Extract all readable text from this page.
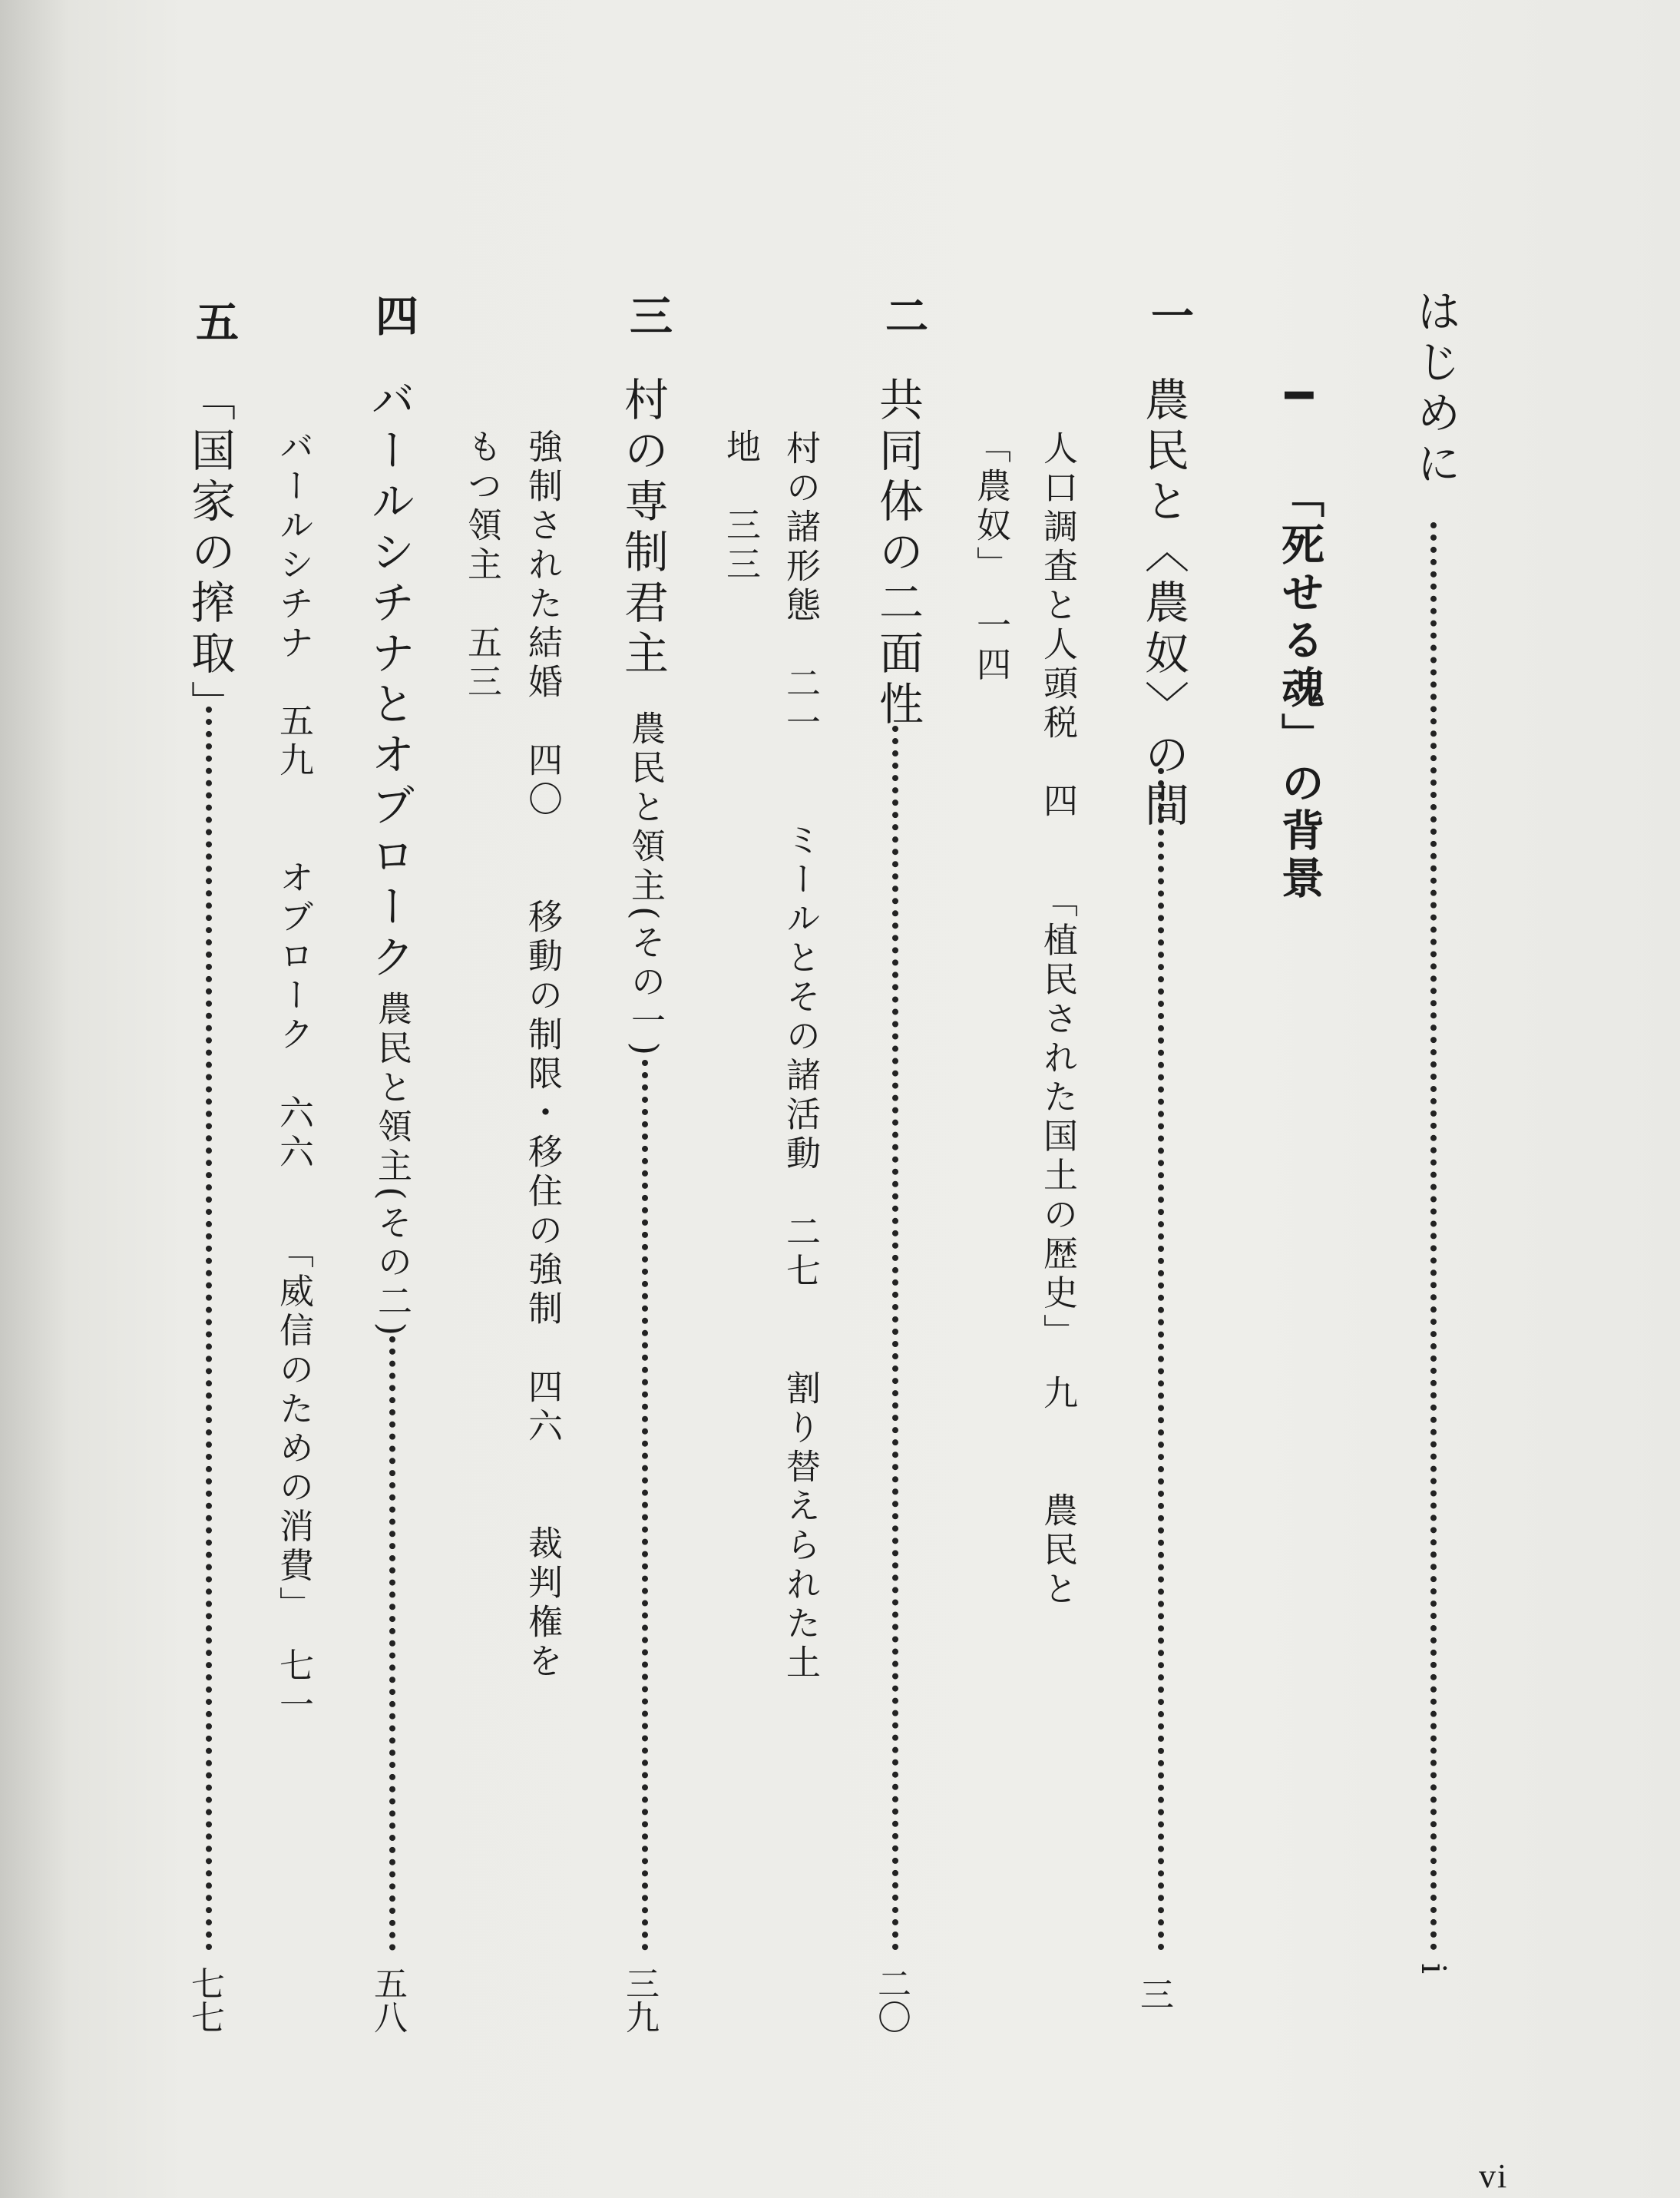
はじめに
i
I
「死せる魂」の背景
一
農民と〈農奴〉の間
三
人口調査と人頭税　四　　「植民された国土の歴史」　九　　農民と
「農奴」　一四
二
共同体の二面性
二〇
村の諸形態　二一　　ミールとその諸活動　二七　　割り替えられた土
地　三三
三
村の専制君主
農民と領主(その一)
三九
強制された結婚　四〇　　移動の制限・移住の強制　四六　　裁判権を
もつ領主　五三
四
バールシチナとオブローク
農民と領主(その二)
五八
バールシチナ　五九　　オブローク　六六　　「威信のための消費」　七一
五
「国家の搾取」
七七
vi
